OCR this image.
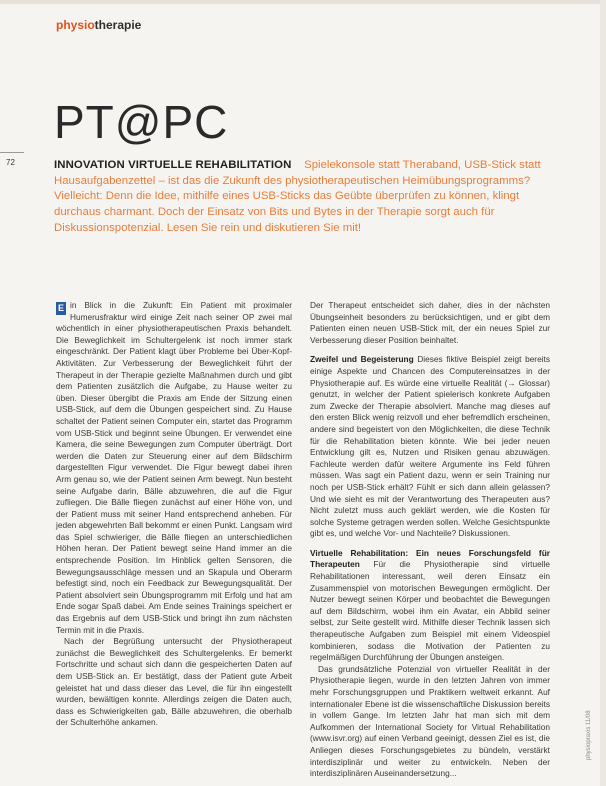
physiotherapie
PT@PC
72	INNOVATION VIRTUELLE REHABILITATION Spielekonsole statt Theraband, USB-Stick statt Hausaufgabenzettel – ist das die Zukunft des physiotherapeutischen Heimübungsprogramms? Vielleicht: Denn die Idee, mithilfe eines USB-Sticks das Geübte überprüfen zu können, klingt durchaus charmant. Doch der Einsatz von Bits und Bytes in der Therapie sorgt auch für Diskussionspotenzial. Lesen Sie rein und diskutieren Sie mit!
E in Blick in die Zukunft: Ein Patient mit proximaler Humerusfraktur wird einige Zeit nach seiner OP zwei mal wöchentlich in einer physiotherapeutischen Praxis behandelt. Die Beweglichkeit im Schultergelenk ist noch immer stark eingeschränkt. Der Patient klagt über Probleme bei Über-Kopf-Aktivitäten. Zur Verbesserung der Beweglichkeit führt der Therapeut in der Therapie gezielte Maßnahmen durch und gibt dem Patienten zusätzlich die Aufgabe, zu Hause weiter zu üben. Dieser übergibt die Praxis am Ende der Sitzung einen USB-Stick, auf dem die Übungen gespeichert sind. Zu Hause schaltet der Patient seinen Computer ein, startet das Programm vom USB-Stick und beginnt seine Übungen. Er verwendet eine Kamera, die seine Bewegungen zum Computer überträgt. Dort werden die Daten zur Steuerung einer auf dem Bildschirm dargestellten Figur verwendet. Die Figur bewegt dabei ihren Arm genau so, wie der Patient seinen Arm bewegt. Nun besteht seine Aufgabe darin, Bälle abzuwehren, die auf die Figur zufliegen. Die Bälle fliegen zunächst auf einer Höhe von, und der Patient muss mit seiner Hand entsprechend anheben. Für jeden abgewehrten Ball bekommt er einen Punkt. Langsam wird das Spiel schwieriger, die Bälle fliegen an unterschiedlichen Höhen heran. Der Patient bewegt seine Hand immer an die entsprechende Position. Im Hinblick gelten Sensoren, die Bewegungsausschläge messen und an Skapula und Oberarm befestigt sind, noch ein Feedback zur Bewegungsqualität. Der Patient absolviert sein Übungsprogramm mit Erfolg und hat am Ende sogar Spaß dabei. Am Ende seines Trainings speichert er das Ergebnis auf dem USB-Stick und bringt ihn zum nächsten Termin mit in die Praxis.

Nach der Begrüßung untersucht der Physiotherapeut zunächst die Beweglichkeit des Schultergelenks. Er bemerkt Fortschritte und schaut sich dann die gespeicherten Daten auf dem USB-Stick an. Er bestätigt, dass der Patient gute Arbeit geleistet hat und dass dieser das Level, die für ihn eingestellt wurden, bewältigen konnte. Allerdings zeigen die Daten auch, dass es Schwierigkeiten gab, Bälle abzuwehren, die oberhalb der Schulterhöhe ankamen.

Der Therapeut entscheidet sich daher, dies in der nächsten Übungseinheit besonders zu berücksichtigen, und er gibt dem Patienten einen neuen USB-Stick mit, der ein neues Spiel zur Verbesserung dieser Position beinhaltet.

Zweifel und Begeisterung Dieses fiktive Beispiel zeigt bereits einige Aspekte und Chancen des Computereinsatzes in der Physiotherapie auf. Es würde eine virtuelle Realität (→ Glossar) genutzt, in welcher der Patient spielerisch konkrete Aufgaben zum Zwecke der Therapie absolviert. Manche mag dieses auf den ersten Blick wenig reizvoll und eher befremdlich erscheinen, andere sind begeistert von den Möglichkeiten, die diese Technik für die Rehabilitation bieten könnte. Wie bei jeder neuen Entwicklung gilt es, Nutzen und Risiken genau abzuwägen. Fachleute werden dafür weitere Argumente ins Feld führen müssen. Was sagt ein Patient dazu, wenn er sein Training nur noch per USB-Stick erhält? Fühlt er sich dann allein gelassen? Und wie sieht es mit der Verantwortung des Therapeuten aus? Nicht zuletzt muss auch geklärt werden, wie die Kosten für solche Systeme getragen werden sollen. Welche Gesichtspunkte gibt es, und welche Vor- und Nachteile? Diskussionen.

Virtuelle Rehabilitation: Ein neues Forschungsfeld für Therapeuten Für die Physiotherapie sind virtuelle Rehabilitationen interessant, weil deren Einsatz ein Zusammenspiel von motorischen Bewegungen ermöglicht. Der Nutzer bewegt seinen Körper und beobachtet die Bewegungen auf dem Bildschirm, wobei ihm ein Avatar, ein Abbild seiner selbst, zur Seite gestellt wird. Mithilfe dieser Technik lassen sich therapeutische Aufgaben zum Beispiel mit einem Videospiel kombinieren, sodass die Motivation der Patienten zu regelmäßigen Durchführung der Übungen ansteigen.

Das grundsätzliche Potenzial von virtueller Realität in der Physiotherapie liegen, wurde in den letzten Jahren von immer mehr Forschungsgruppen und Praktikern weltweit erkannt. Auf internationaler Ebene ist die wissenschaftliche Diskussion bereits in vollem Gange. Im letzten Jahr hat man sich mit dem Aufkommen der International Society for Virtual Rehabilitation (www.isvr.org) auf einen Verband geeinigt, dessen Ziel es ist, die Anliegen dieses Forschungsgebietes zu bündeln, verstärkt interdisziplinär und weiter zu entwickeln. Neben der interdisziplinären Auseinandersetzung...

physiopraxis 11/08
